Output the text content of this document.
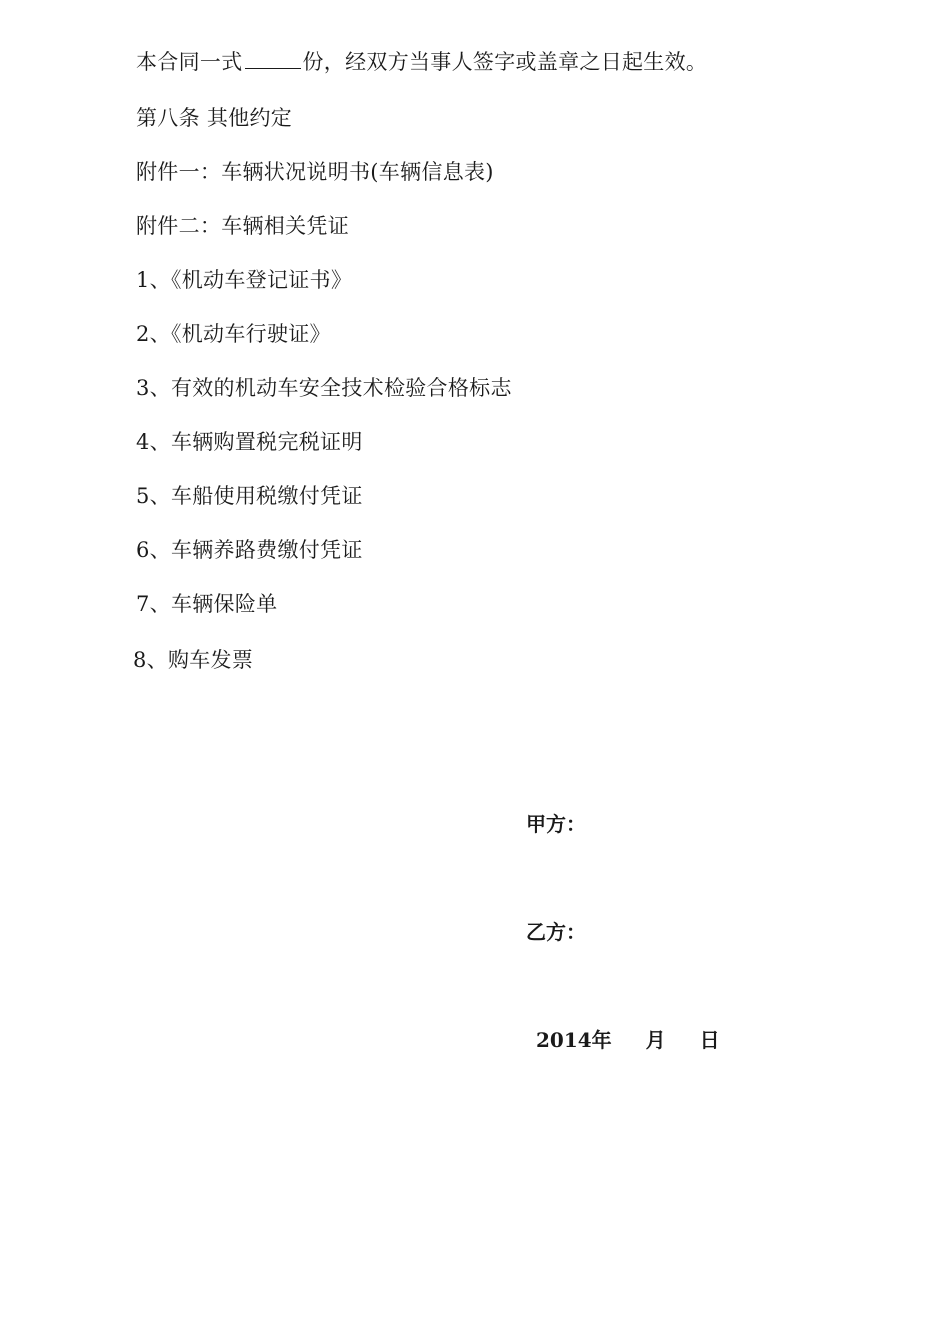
本合同一式	份，经双方当事人签字或盖章之日起生效。
第八条 其他约定
附件一：车辆状况说明书(车辆信息表)
附件二：车辆相关凭证
1、《机动车登记证书》
2、《机动车行驶证》
3、有效的机动车安全技术检验合格标志
4、车辆购置税完税证明
5、车船使用税缴付凭证
6、车辆养路费缴付凭证
7、车辆保险单
8、购车发票
甲方：
乙方：
2014年 月 日
